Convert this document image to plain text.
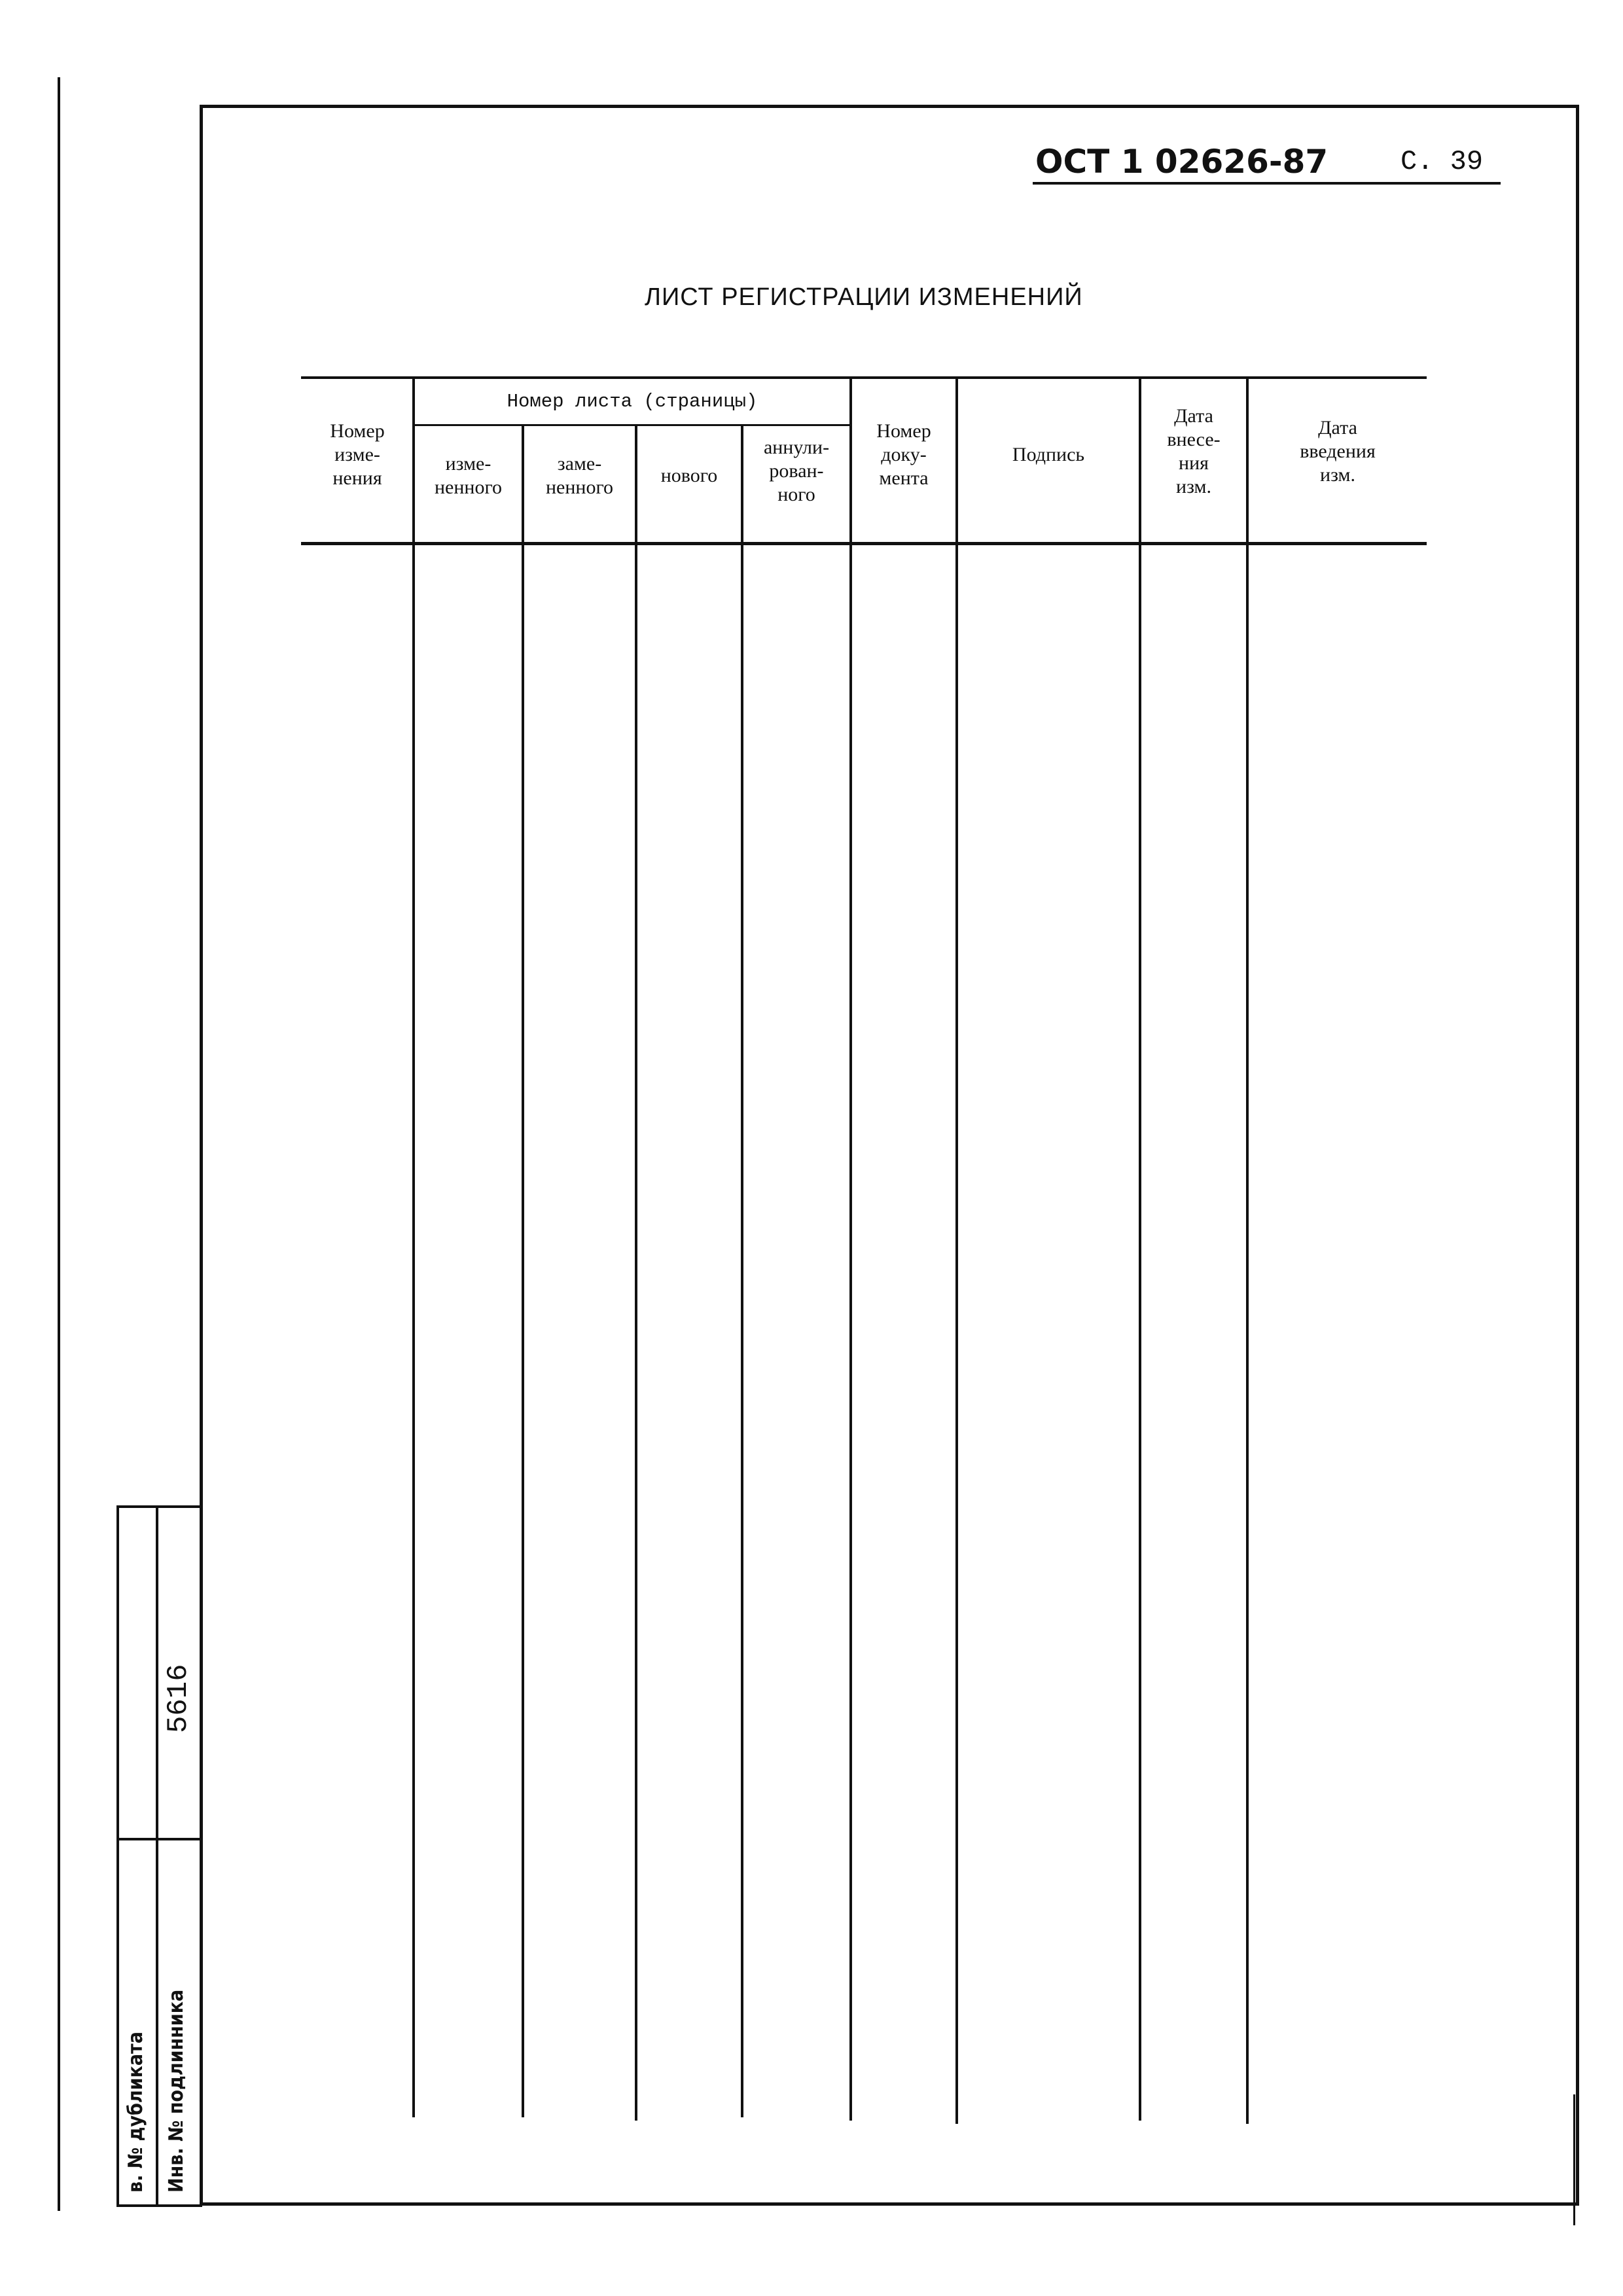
ОСТ 1 02626-87	С. 39
ЛИСТ РЕГИСТРАЦИИ ИЗМЕНЕНИЙ
Номер листа (страницы)
Номер
изме-
нения
изме-
ненного
заме-
ненного
нового
аннули-
рован-
ного
Номер
доку-
мента
Подпись
Дата
внесе-
ния
изм.
Дата
введения
изм.
в. № дубликата Инв. № подлинника
5616
